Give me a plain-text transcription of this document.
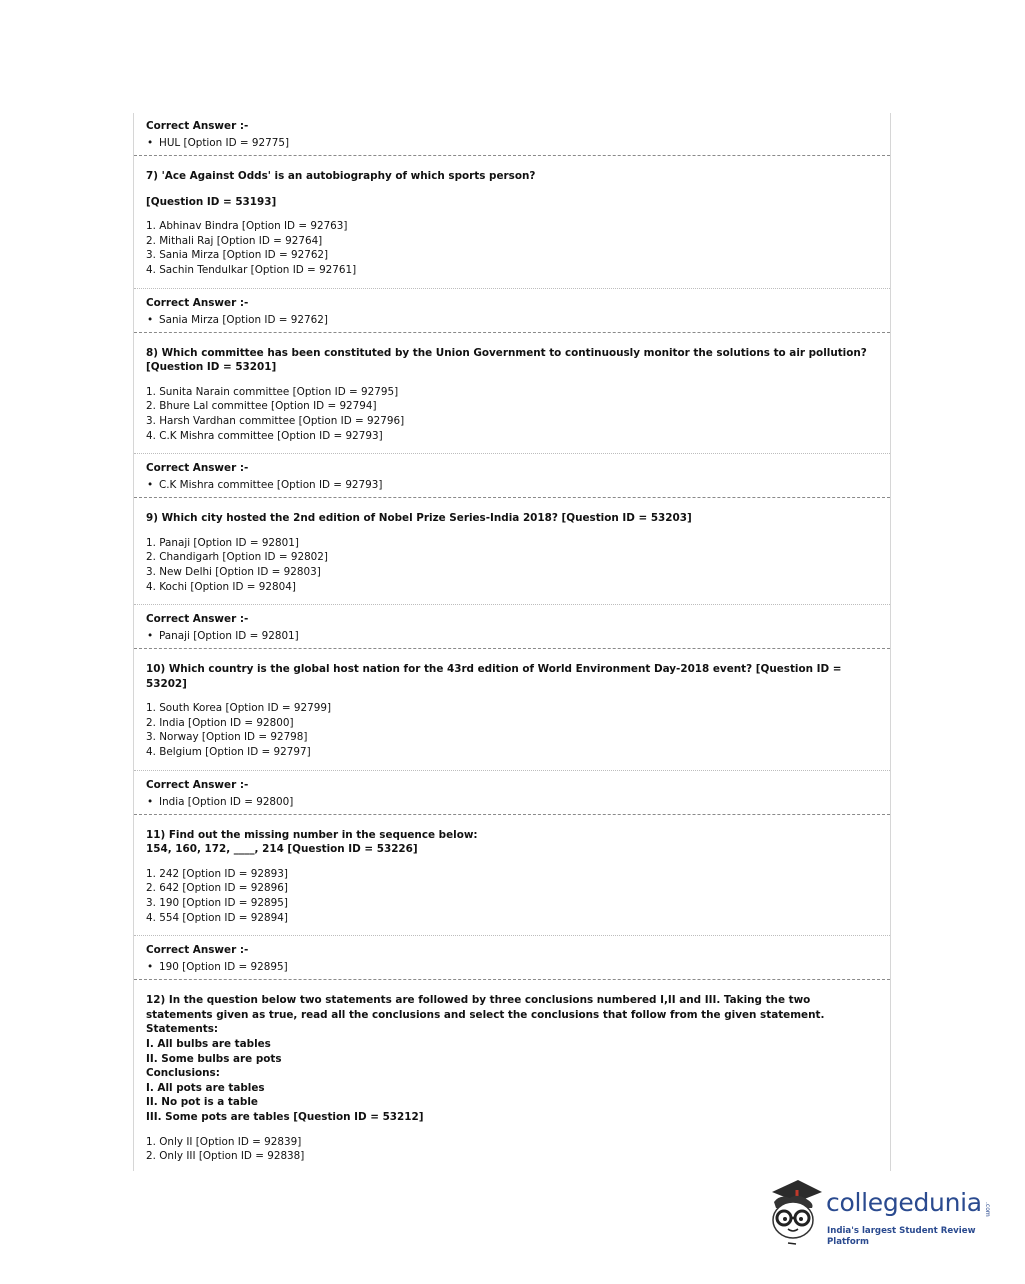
Correct Answer :-
• HUL [Option ID = 92775]
7) 'Ace Against Odds' is an autobiography of which sports person?
[Question ID = 53193]
1. Abhinav Bindra [Option ID = 92763]
2. Mithali Raj [Option ID = 92764]
3. Sania Mirza [Option ID = 92762]
4. Sachin Tendulkar [Option ID = 92761]
Correct Answer :-
• Sania Mirza [Option ID = 92762]
8) Which committee has been constituted by the Union Government to continuously monitor the solutions to air pollution? [Question ID = 53201]
1. Sunita Narain committee [Option ID = 92795]
2. Bhure Lal committee [Option ID = 92794]
3. Harsh Vardhan committee [Option ID = 92796]
4. C.K Mishra committee [Option ID = 92793]
Correct Answer :-
• C.K Mishra committee [Option ID = 92793]
9) Which city hosted the 2nd edition of Nobel Prize Series-India 2018? [Question ID = 53203]
1. Panaji [Option ID = 92801]
2. Chandigarh [Option ID = 92802]
3. New Delhi [Option ID = 92803]
4. Kochi [Option ID = 92804]
Correct Answer :-
• Panaji [Option ID = 92801]
10) Which country is the global host nation for the 43rd edition of World Environment Day-2018 event? [Question ID = 53202]
1. South Korea [Option ID = 92799]
2. India [Option ID = 92800]
3. Norway [Option ID = 92798]
4. Belgium [Option ID = 92797]
Correct Answer :-
• India [Option ID = 92800]
11) Find out the missing number in the sequence below:
154, 160, 172, ____, 214 [Question ID = 53226]
1. 242 [Option ID = 92893]
2. 642 [Option ID = 92896]
3. 190 [Option ID = 92895]
4. 554 [Option ID = 92894]
Correct Answer :-
• 190 [Option ID = 92895]
12) In the question below two statements are followed by three conclusions numbered I,II and III. Taking the two statements given as true, read all the conclusions and select the conclusions that follow from the given statement.
Statements:
I. All bulbs are tables
II. Some bulbs are pots
Conclusions:
I. All pots are tables
II. No pot is a table
III. Some pots are tables [Question ID = 53212]
1. Only II [Option ID = 92839]
2. Only III [Option ID = 92838]
collegedunia .com
India's largest Student Review Platform
